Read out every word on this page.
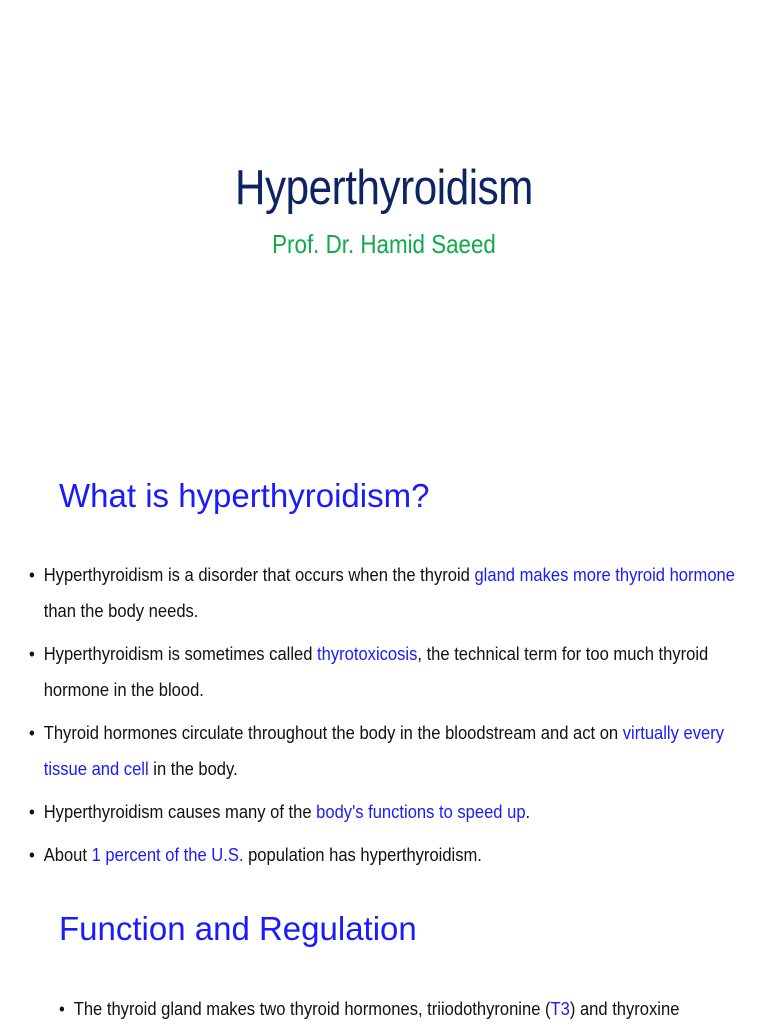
Hyperthyroidism
Prof. Dr. Hamid Saeed
What is hyperthyroidism?
• Hyperthyroidism is a disorder that occurs when the thyroid gland makes more thyroid hormone than the body needs.
• Hyperthyroidism is sometimes called thyrotoxicosis, the technical term for too much thyroid hormone in the blood.
• Thyroid hormones circulate throughout the body in the bloodstream and act on virtually every tissue and cell in the body.
• Hyperthyroidism causes many of the body's functions to speed up.
• About 1 percent of the U.S. population has hyperthyroidism.
Function and Regulation
• The thyroid gland makes two thyroid hormones, triiodothyronine (T3) and thyroxine
